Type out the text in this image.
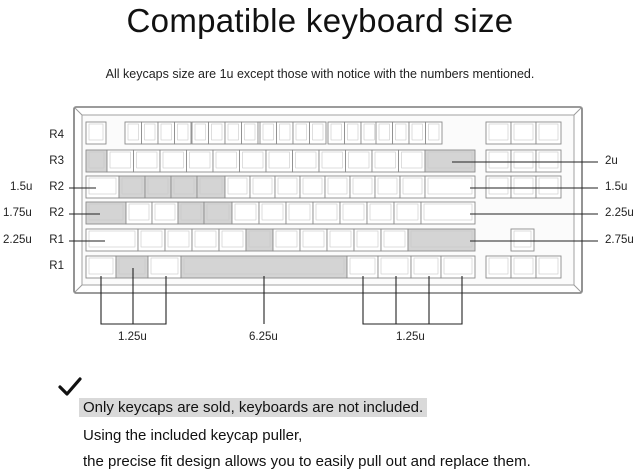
Compatible keyboard size
All keycaps size are 1u except those with notice with the numbers mentioned.
R4
R3
R2
R2
R1
R1
1.5u
1.75u
2.25u
2u
1.5u
2.25u
2.75u
1.25u	6.25u	1.25u
Only keycaps are sold, keyboards are not included.
Using the included keycap puller,
the precise fit design allows you to easily pull out and replace them.
